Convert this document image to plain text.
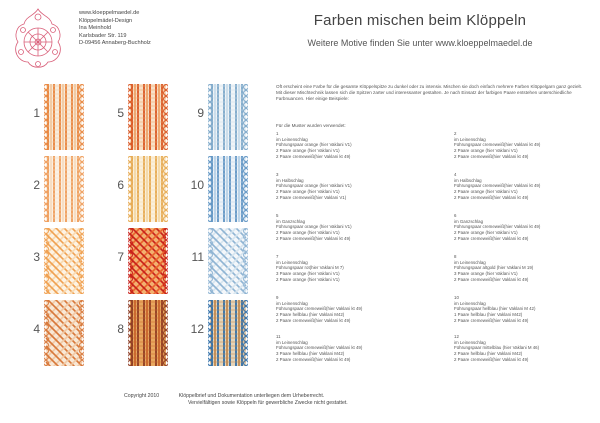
www.kloeppelmaedel.de
Klöppelmädel-Design
Ina Meinhold
Karlsbader Str. 119
D-09456 Annaberg-Buchholz
Farben mischen beim Klöppeln
Weitere Motive finden Sie unter www.kloeppelmaedel.de
1
2
3
4
5
6
7
8
9
10
11
12
Oft erscheint eine Farbe für die gesamte Klöppelspitze zu dunkel oder zu intensiv. Mischen sie doch einfach mehrere Farben Klöppelgarn ganz gezielt. Mit dieser Mischtechnik lassen sich die Spitzen zarter und interessanter gestalten. Je nach Einsatz der farbigen Paare entstehen unterschiedliche Farbnuancen. Hier einige Beispiele:
Für die Muster wurden verwendet:
1
im Leinenschlag
Führungspaar orange (hier Vaklani V1)
2 Paare orange (hier Vaklani V1)
2 Paare cremeweiß(hier Vaklani kt 49)
2
im Leinenschlag
Führungspaar cremeweiß(hier Vaklani kt 49)
2 Paare orange (hier Vaklani V1)
2 Paare cremeweiß(hier Vaklani kt 49)
3
im Halbschlag
Führungspaar orange (hier Vaklani V1)
2 Paare orange (hier Vaklani V1)
2 Paare cremeweiß(hier Vaklani V1)
4
im Halbschlag
Führungspaar cremeweiß(hier Vaklani kt 49)
2 Paare orange (hier Vaklani V1)
2 Paare cremeweiß(hier Vaklani kt 49)
5
im Ganzschlag
Führungspaar orange (hier Vaklani V1)
2 Paare orange (hier Vaklani V1)
2 Paare cremeweiß(hier Vaklani kt 49)
6
im Ganzschlag
Führungspaar cremeweiß(hier Vaklani kt 49)
2 Paare orange (hier Vaklani V1)
2 Paare cremeweiß(hier Vaklani kt 49)
7
im Leinenschlag
Führungspaar rot(hier Vaklani M 7)
3 Paare orange (hier Vaklani V1)
2 Paare orange (hier Vaklani V1)
8
im Leinenschlag
Führungspaar altgold (hier Vaklani M 19)
3 Paare orange (hier Vaklani V1)
2 Paare cremeweiß(hier Vaklani kt 49)
9
im Leinenschlag
Führungspaar cremeweiß(hier Vaklani kt 49)
2 Paare hellblau (hier Vaklani M42)
2 Paare cremeweiß(hier Vaklani kt 49)
10
im Leinenschlag
Führungspaar hellblau (hier Vaklani M 42)
1 Paare hellblau (hier Vaklani M42)
2 Paare cremeweiß(hier Vaklani kt 49)
11
im Leinenschlag
Führungspaar cremeweiß(hier Vaklani kt 49)
3 Paare hellblau (hier Vaklani M42)
2 Paare cremeweiß(hier Vaklani kt 49)
12
im Leinenschlag
Führungspaar mittelblau (hier Vaklani M 46)
2 Paare hellblau (hier Vaklani M42)
2 Paare cremeweiß(hier Vaklani kt 49)
Copyright 2010	Klöppelbrief und Dokumentation unterliegen dem Urheberrecht.
Vervielfältigen sowie Klöppeln für gewerbliche Zwecke nicht gestattet.
